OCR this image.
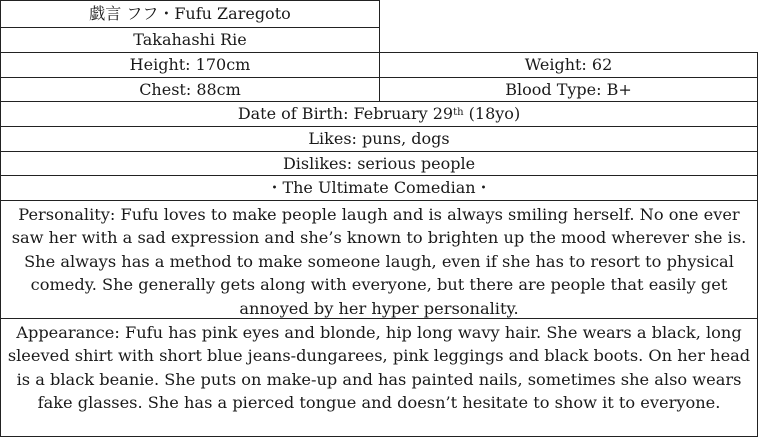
戯言 フフ・Fufu Zaregoto
Takahashi Rie
Height: 170cm	Weight: 62
Chest: 88cm	Blood Type: B+
Date of Birth: February 29th (18yo)
Likes: puns, dogs
Dislikes: serious people
・The Ultimate Comedian・
Personality: Fufu loves to make people laugh and is always smiling herself. No one ever saw her with a sad expression and she’s known to brighten up the mood wherever she is. She always has a method to make someone laugh, even if she has to resort to physical comedy. She generally gets along with everyone, but there are people that easily get annoyed by her hyper personality.
Appearance: Fufu has pink eyes and blonde, hip long wavy hair. She wears a black, long sleeved shirt with short blue jeans-dungarees, pink leggings and black boots. On her head is a black beanie. She puts on make-up and has painted nails, sometimes she also wears fake glasses. She has a pierced tongue and doesn’t hesitate to show it to everyone.
